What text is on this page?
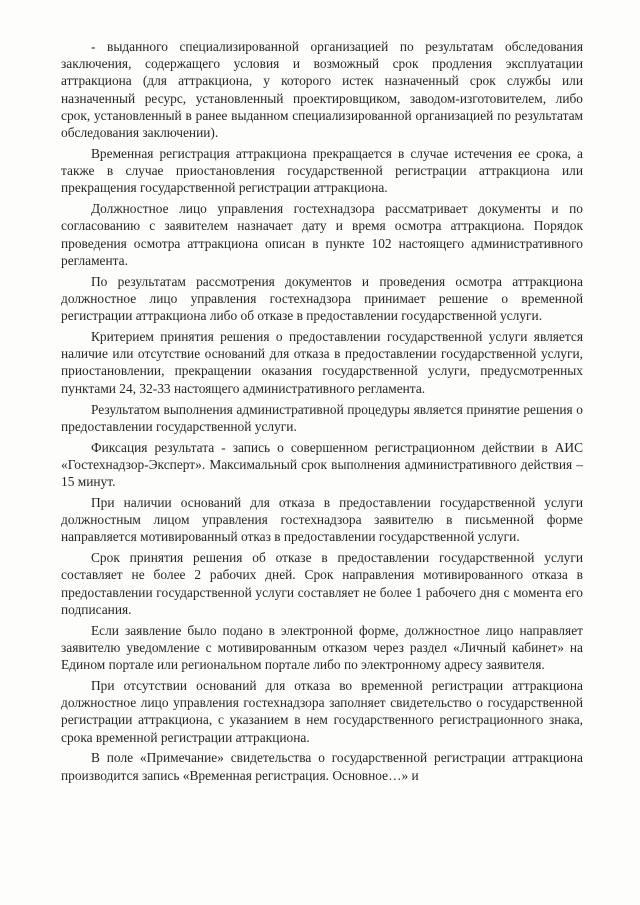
- выданного специализированной организацией по результатам обследования заключения, содержащего условия и возможный срок продления эксплуатации аттракциона (для аттракциона, у которого истек назначенный срок службы или назначенный ресурс, установленный проектировщиком, заводом-изготовителем, либо срок, установленный в ранее выданном специализированной организацией по результатам обследования заключении).

Временная регистрация аттракциона прекращается в случае истечения ее срока, а также в случае приостановления государственной регистрации аттракциона или прекращения государственной регистрации аттракциона.

Должностное лицо управления гостехнадзора рассматривает документы и по согласованию с заявителем назначает дату и время осмотра аттракциона. Порядок проведения осмотра аттракциона описан в пункте 102 настоящего административного регламента.

По результатам рассмотрения документов и проведения осмотра аттракциона должностное лицо управления гостехнадзора принимает решение о временной регистрации аттракциона либо об отказе в предоставлении государственной услуги.

Критерием принятия решения о предоставлении государственной услуги является наличие или отсутствие оснований для отказа в предоставлении государственной услуги, приостановлении, прекращении оказания государственной услуги, предусмотренных пунктами 24, 32-33 настоящего административного регламента.

Результатом выполнения административной процедуры является принятие решения о предоставлении государственной услуги.

Фиксация результата - запись о совершенном регистрационном действии в АИС «Гостехнадзор-Эксперт». Максимальный срок выполнения административного действия – 15 минут.

При наличии оснований для отказа в предоставлении государственной услуги должностным лицом управления гостехнадзора заявителю в письменной форме направляется мотивированный отказ в предоставлении государственной услуги.

Срок принятия решения об отказе в предоставлении государственной услуги составляет не более 2 рабочих дней. Срок направления мотивированного отказа в предоставлении государственной услуги составляет не более 1 рабочего дня с момента его подписания.

Если заявление было подано в электронной форме, должностное лицо направляет заявителю уведомление с мотивированным отказом через раздел «Личный кабинет» на Едином портале или региональном портале либо по электронному адресу заявителя.

При отсутствии оснований для отказа во временной регистрации аттракциона должностное лицо управления гостехнадзора заполняет свидетельство о государственной регистрации аттракциона, с указанием в нем государственного регистрационного знака, срока временной регистрации аттракциона.

В поле «Примечание» свидетельства о государственной регистрации аттракциона производится запись «Временная регистрация. Основное…» и
